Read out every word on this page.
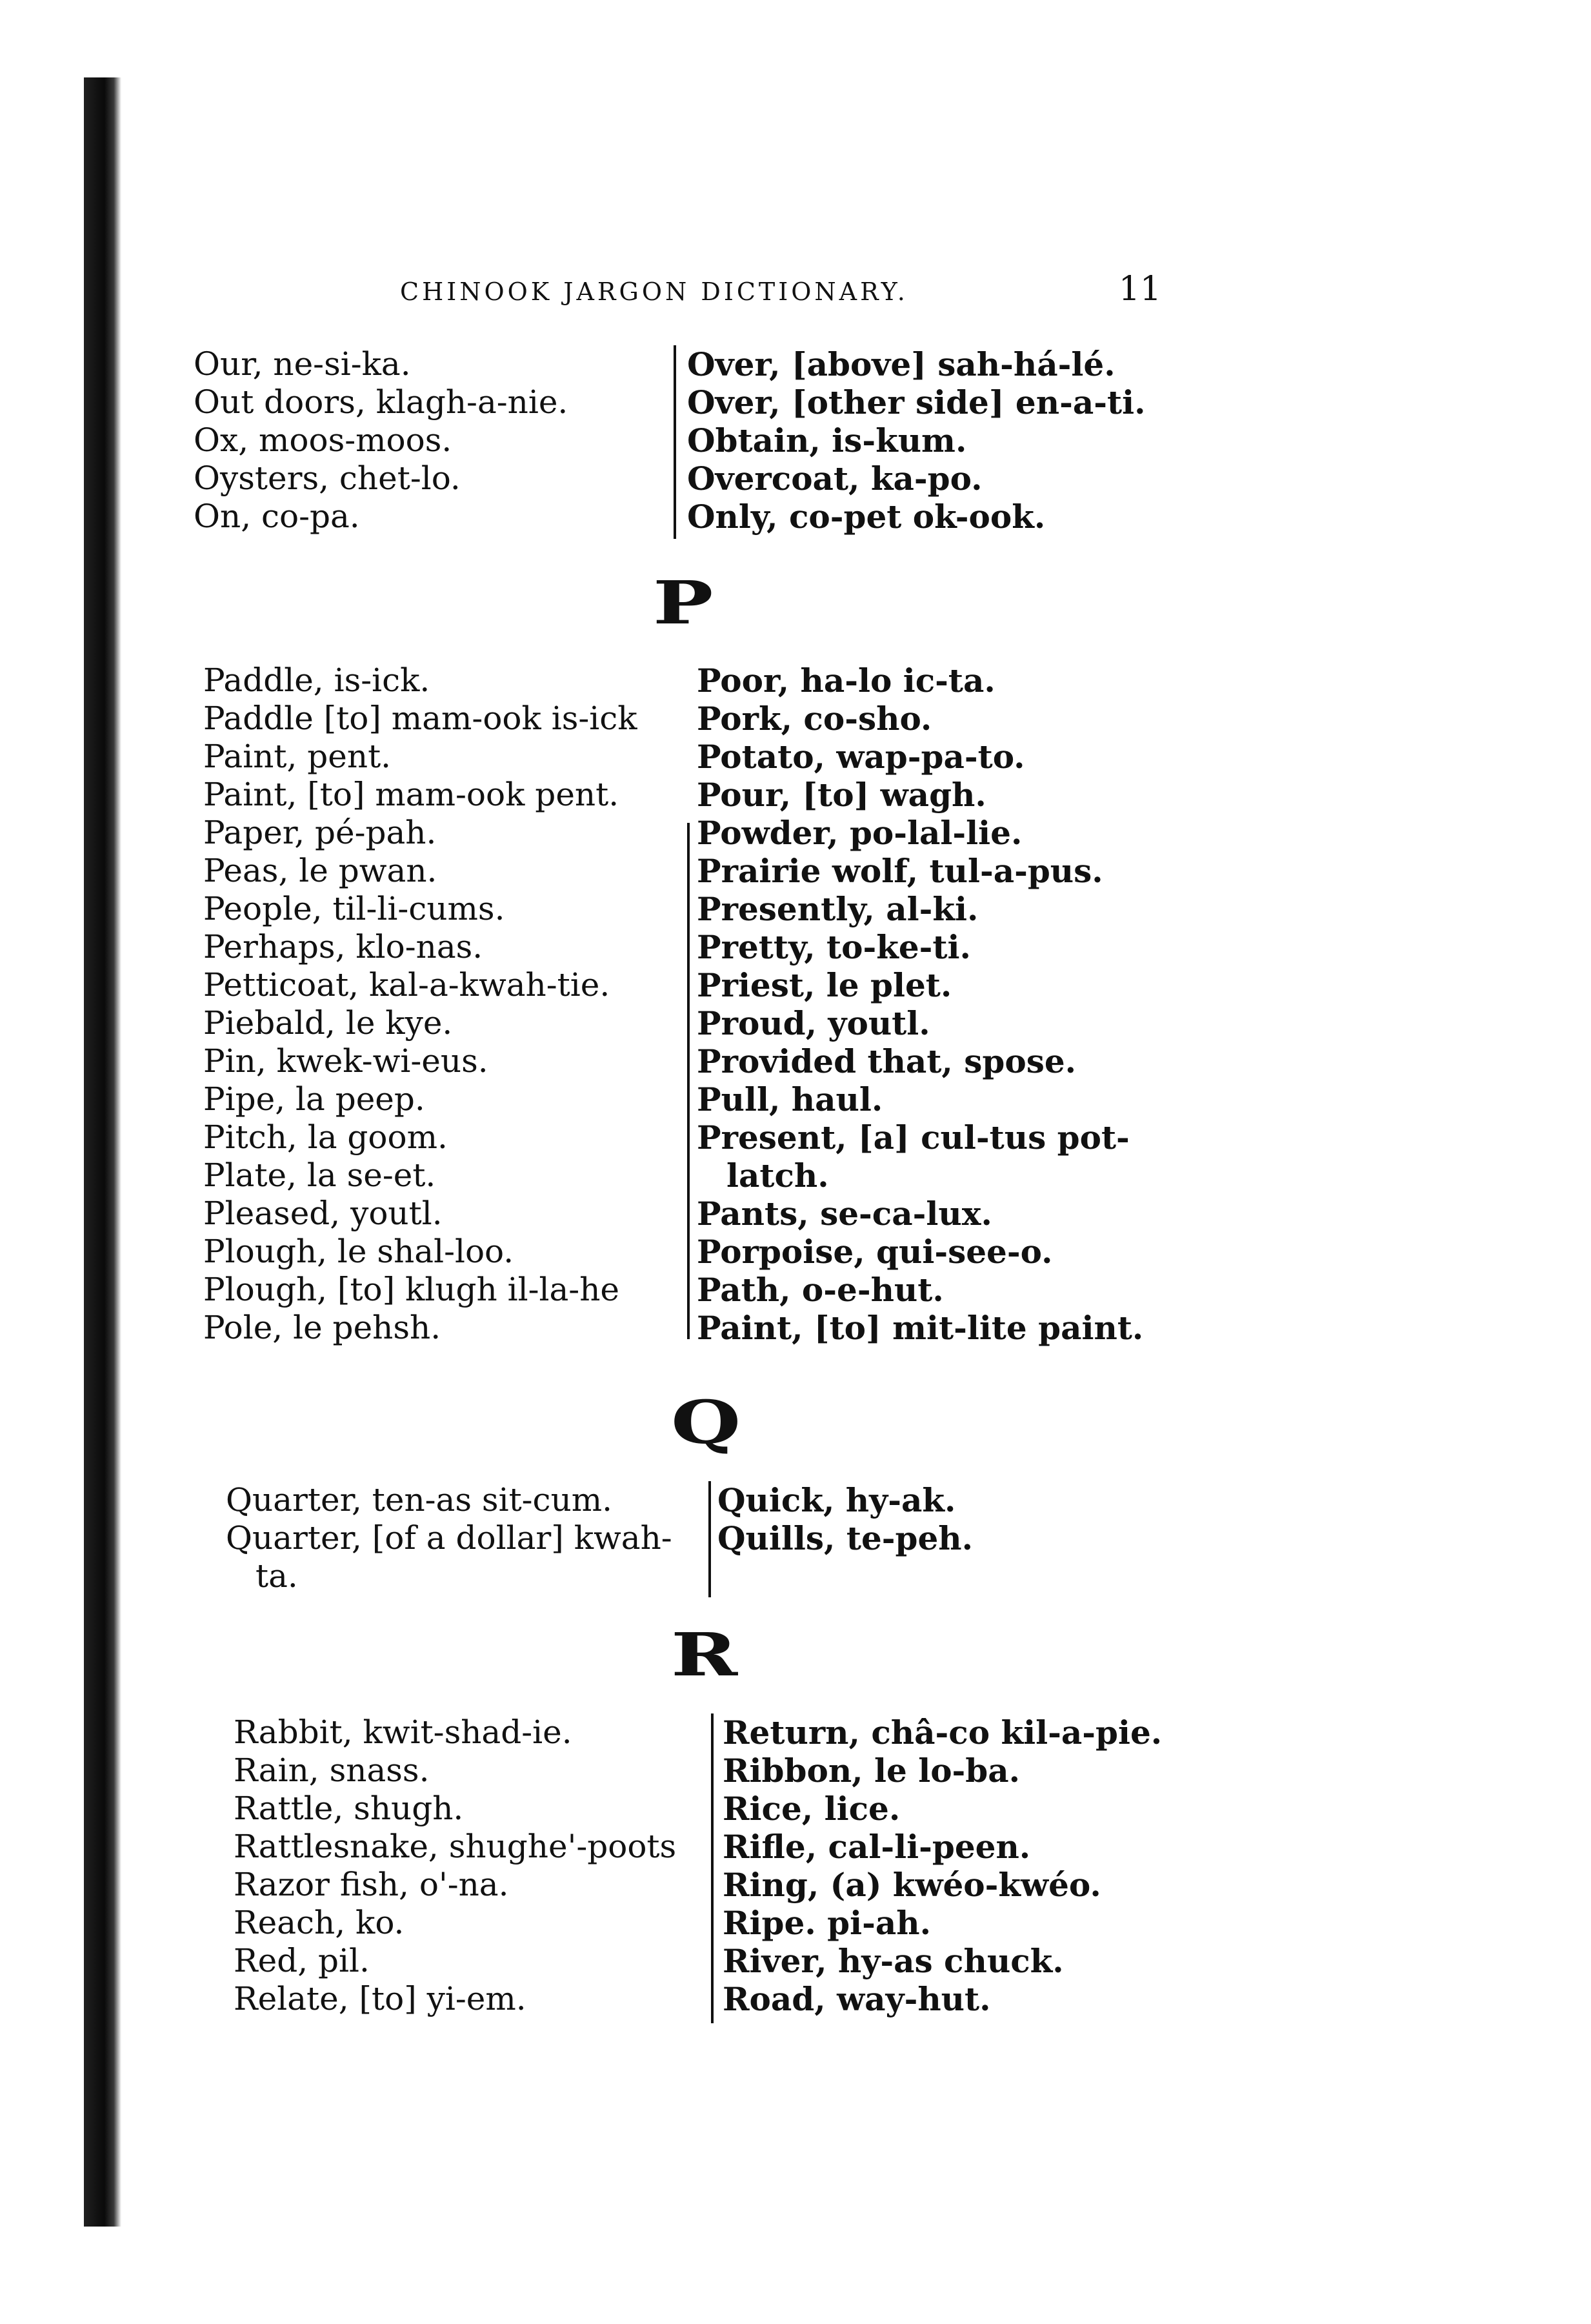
CHINOOK JARGON DICTIONARY.	11
Our, ne-si-ka.
Out doors, klagh-a-nie.
Ox, moos-moos.
Oysters, chet-lo.
On, co-pa.
Over, [above] sah-há-lé.
Over, [other side] en-a-ti.
Obtain, is-kum.
Overcoat, ka-po.
Only, co-pet ok-ook.
P
Paddle, is-ick.
Paddle [to] mam-ook is-ick
Paint, pent.
Paint, [to] mam-ook pent.
Paper, pé-pah.
Peas, le pwan.
People, til-li-cums.
Perhaps, klo-nas.
Petticoat, kal-a-kwah-tie.
Piebald, le kye.
Pin, kwek-wi-eus.
Pipe, la peep.
Pitch, la goom.
Plate, la se-et.
Pleased, youtl.
Plough, le shal-loo.
Plough, [to] klugh il-la-he
Pole, le pehsh.
Poor, ha-lo ic-ta.
Pork, co-sho.
Potato, wap-pa-to.
Pour, [to] wagh.
Powder, po-lal-lie.
Prairie wolf, tul-a-pus.
Presently, al-ki.
Pretty, to-ke-ti.
Priest, le plet.
Proud, youtl.
Provided that, spose.
Pull, haul.
Present, [a] cul-tus pot-
latch.
Pants, se-ca-lux.
Porpoise, qui-see-o.
Path, o-e-hut.
Paint, [to] mit-lite paint.
Q
Quarter, ten-as sit-cum.
Quarter, [of a dollar] kwah-
ta.
Quick, hy-ak.
Quills, te-peh.
R
Rabbit, kwit-shad-ie.
Rain, snass.
Rattle, shugh.
Rattlesnake, shughe'-poots
Razor fish, o'-na.
Reach, ko.
Red, pil.
Relate, [to] yi-em.
Return, châ-co kil-a-pie.
Ribbon, le lo-ba.
Rice, lice.
Rifle, cal-li-peen.
Ring, (a) kwéo-kwéo.
Ripe. pi-ah.
River, hy-as chuck.
Road, way-hut.
